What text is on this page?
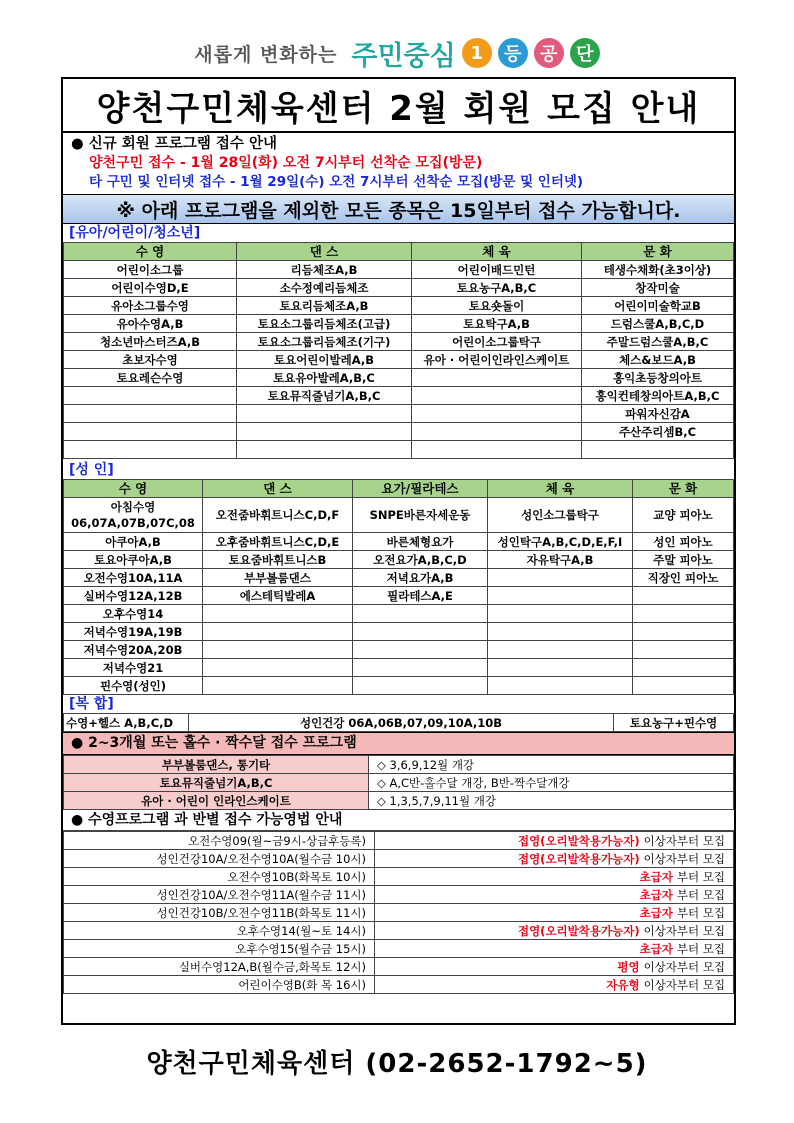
새롭게 변화하는 주민중심 1	등	공	단
양천구민체육센터 2월 회원 모집 안내
● 신규 회원 프로그램 접수 안내
양천구민 접수 - 1월 28일(화) 오전 7시부터 선착순 모집(방문)
타 구민 및 인터넷 접수 - 1월 29일(수) 오전 7시부터 선착순 모집(방문 및 인터넷)
※ 아래 프로그램을 제외한 모든 종목은 15일부터 접수 가능합니다.
[유아/어린이/청소년]
수 영	댄 스	체 육	문 화
어린이소그룹	리듬체조A,B	어린이배드민턴	테생수채화(초3이상)
어린이수영D,E	소수정예리듬체조	토요농구A,B,C	창작미술
유아소그룹수영	토요리듬체조A,B	토요숏돌이	어린이미술학교B
유아수영A,B	토요소그룹리듬체조(고급)	토요탁구A,B	드럼스쿨A,B,C,D
청소년마스터즈A,B	토요소그룹리듬체조(기구)	어린이소그룹탁구	주말드럼스쿨A,B,C
초보자수영	토요어린이발레A,B	유아 · 어린이인라인스케이트	체스&보드A,B
토요레슨수영	토요유아발레A,B,C		홍익초등창의아트
	토요뮤직줄넘기A,B,C		홍익컨테창의아트A,B,C
			파워자신감A
			주산주리셈B,C

[성 인]
수 영	댄 스	요가/필라테스	체 육	문 화
아침수영 06,07A,07B,07C,08	오전줌바휘트니스C,D,F	SNPE바른자세운동	성인소그룹탁구	교양 피아노
아쿠아A,B	오후줌바휘트니스C,D,E	바른체형요가	성인탁구A,B,C,D,E,F,I	성인 피아노
토요아쿠아A,B	토요줌바휘트니스B	오전요가A,B,C,D	자유탁구A,B	주말 피아노
오전수영10A,11A	부부볼룸댄스	저녁요가A,B		직장인 피아노
실버수영12A,12B	에스테틱발레A	필라테스A,E		
오후수영14				
저녁수영19A,19B				
저녁수영20A,20B				
저녁수영21				
핀수영(성인)				
[복 합]
수영+헬스 A,B,C,D	성인건강 06A,06B,07,09,10A,10B	토요농구+핀수영
● 2~3개월 또는 홀수 · 짝수달 접수 프로그램
부부볼룸댄스, 통기타	◇ 3,6,9,12월 개강
토요뮤직줄넘기A,B,C	◇ A,C반-홀수달 개강, B반-짝수달개강
유아 · 어린이 인라인스케이트	◇ 1,3,5,7,9,11월 개강
● 수영프로그램 과 반별 접수 가능영법 안내
오전수영09(월~금9시-상급후등록)	접영(오리발착용가능자) 이상자부터 모집
성인건강10A/오전수영10A(월수금 10시)	접영(오리발착용가능자) 이상자부터 모집
오전수영10B(화목토 10시)	초급자 부터 모집
성인건강10A/오전수영11A(월수금 11시)	초급자 부터 모집
성인건강10B/오전수영11B(화목토 11시)	초급자 부터 모집
오후수영14(월~토 14시)	접영(오리발착용가능자) 이상자부터 모집
오후수영15(월수금 15시)	초급자 부터 모집
실버수영12A,B(월수금,화목토 12시)	평영 이상자부터 모집
어린이수영B(화 목 16시)	자유형 이상자부터 모집
양천구민체육센터 (02-2652-1792~5)
